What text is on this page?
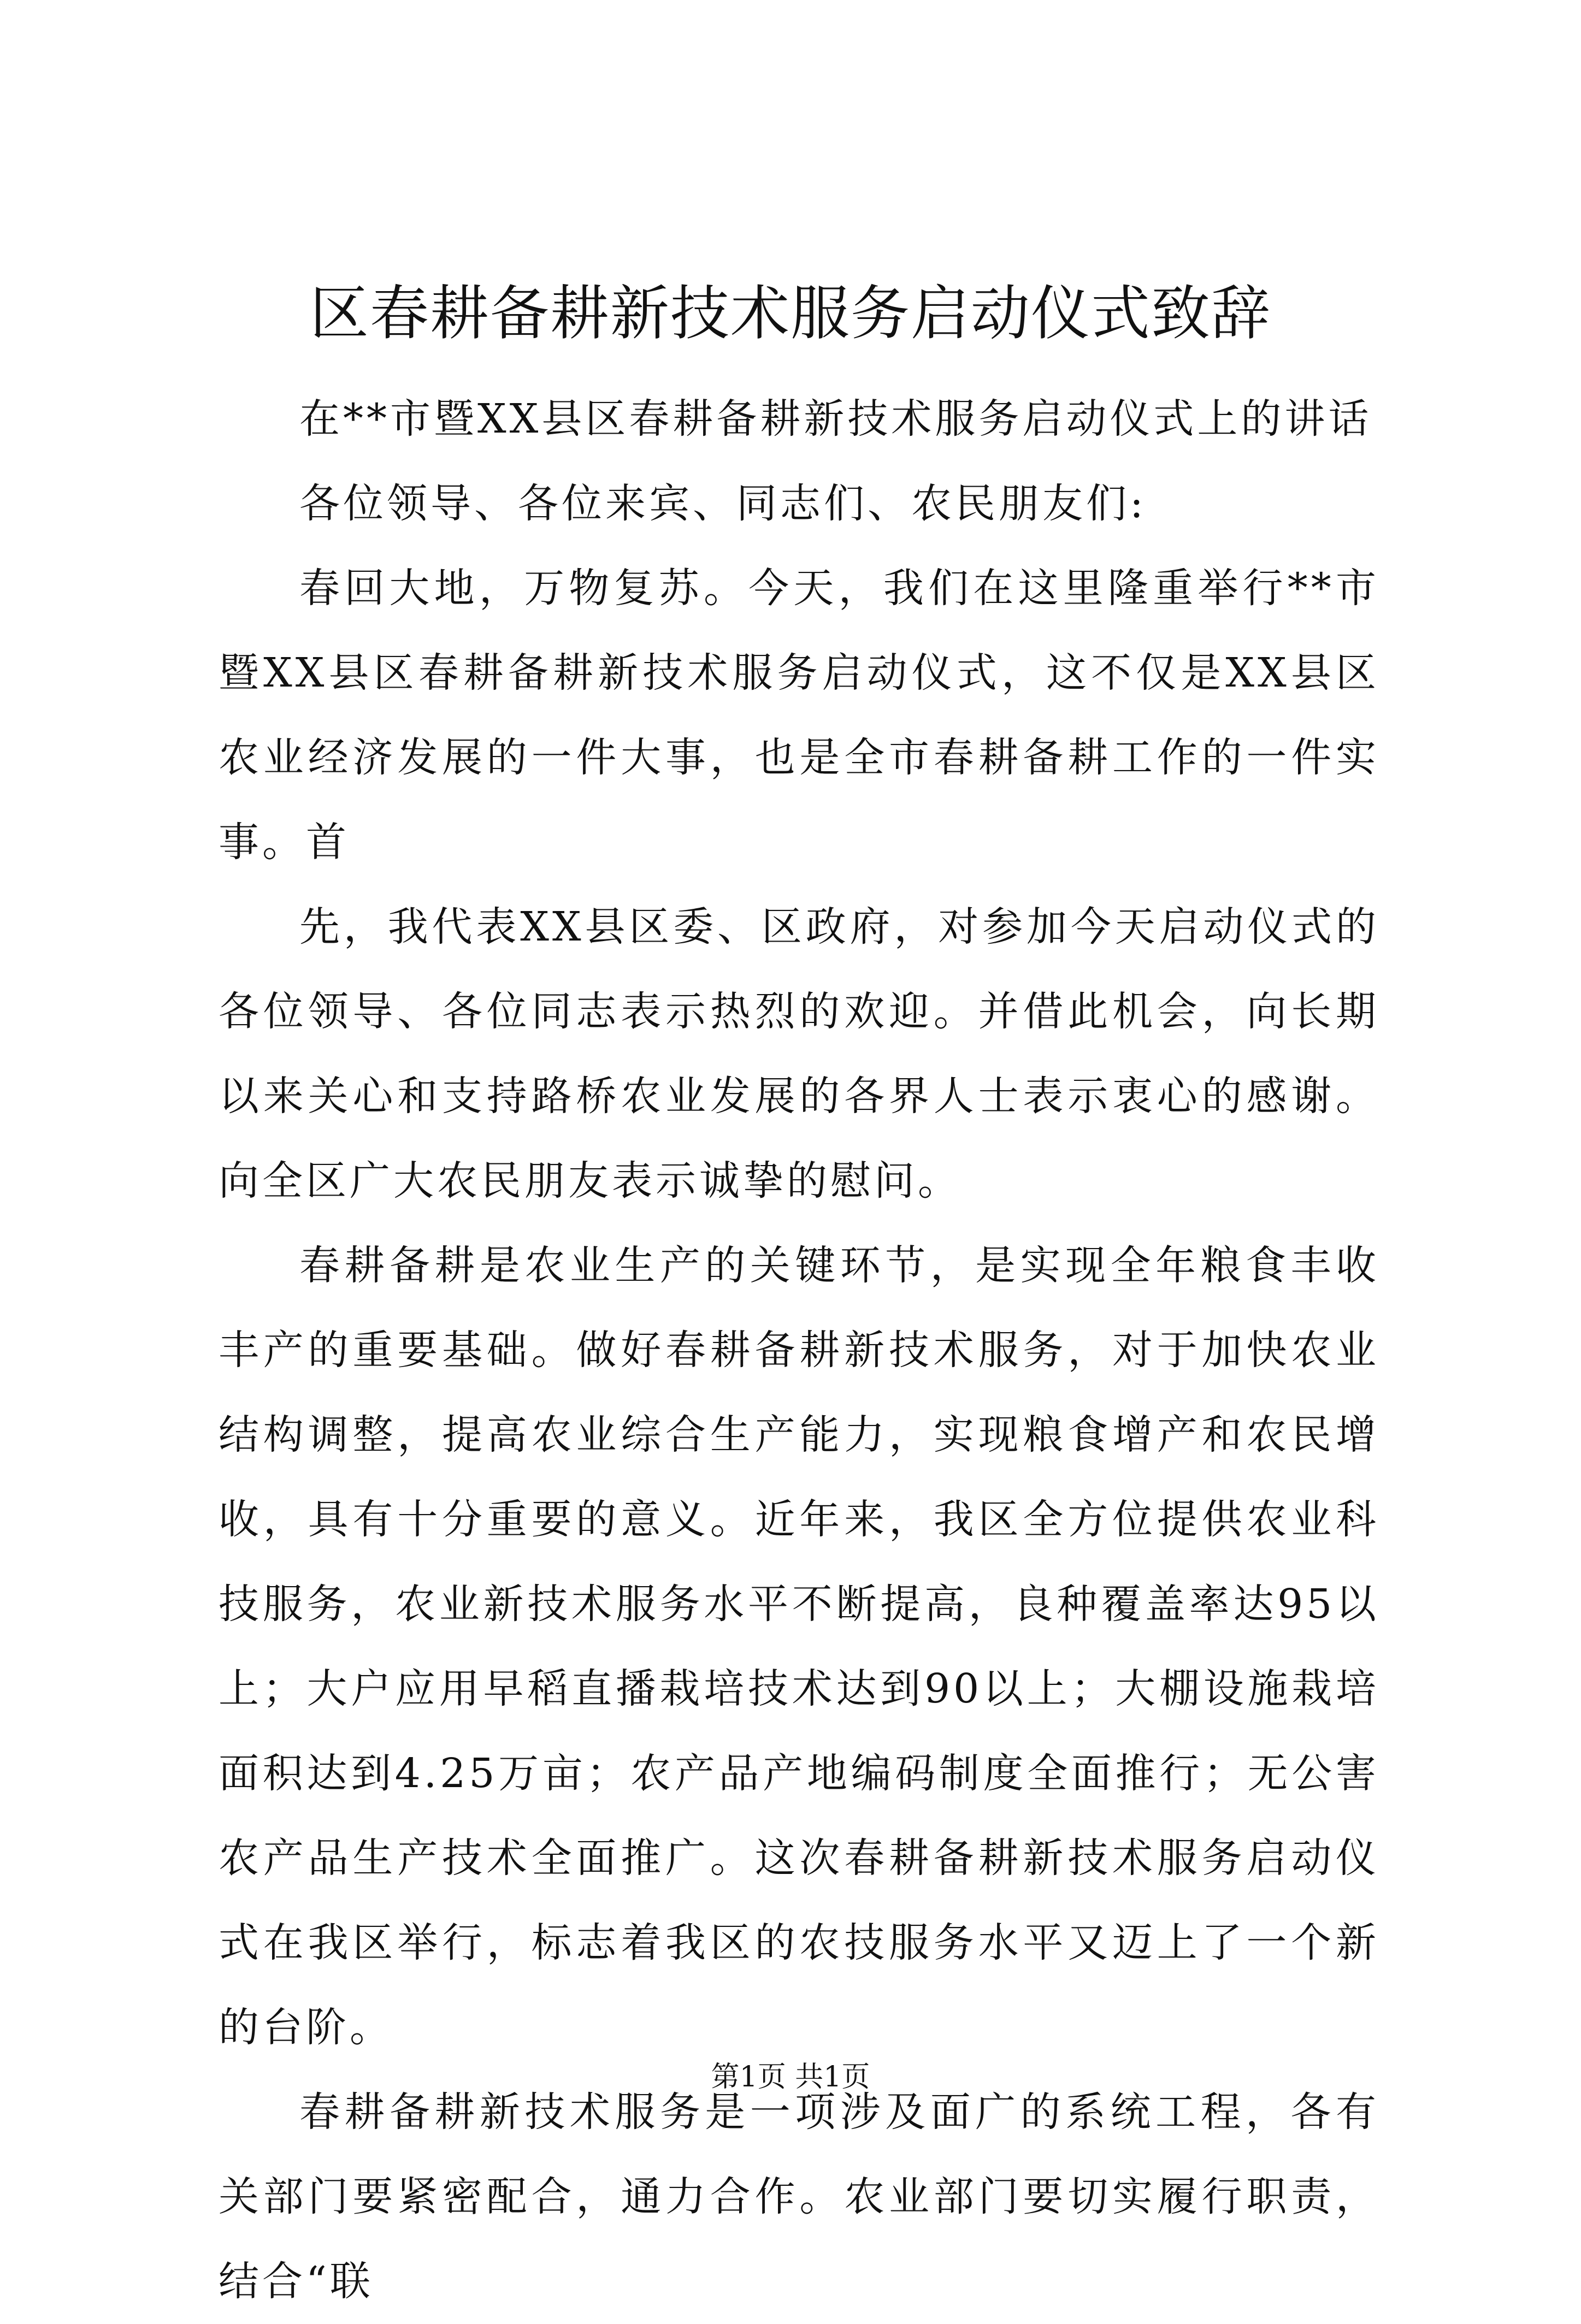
区春耕备耕新技术服务启动仪式致辞

在**市暨XX县区春耕备耕新技术服务启动仪式上的讲话

各位领导、各位来宾、同志们、农民朋友们:

春回大地，万物复苏。今天，我们在这里隆重举行**市暨XX县区春耕备耕新技术服务启动仪式，这不仅是XX县区农业经济发展的一件大事，也是全市春耕备耕工作的一件实事。首

先，我代表XX县区委、区政府，对参加今天启动仪式的各位领导、各位同志表示热烈的欢迎。并借此机会，向长期以来关心和支持路桥农业发展的各界人士表示衷心的感谢。向全区广大农民朋友表示诚挚的慰问。

春耕备耕是农业生产的关键环节，是实现全年粮食丰收丰产的重要基础。做好春耕备耕新技术服务，对于加快农业结构调整，提高农业综合生产能力，实现粮食增产和农民增收，具有十分重要的意义。近年来，我区全方位提供农业科技服务，农业新技术服务水平不断提高，良种覆盖率达95以上；大户应用早稻直播栽培技术达到90以上；大棚设施栽培面积达到4.25万亩；农产品产地编码制度全面推行；无公害农产品生产技术全面推广。这次春耕备耕新技术服务启动仪式在我区举行，标志着我区的农技服务水平又迈上了一个新的台阶。

春耕备耕新技术服务是一项涉及面广的系统工程，各有关部门要紧密配合，通力合作。农业部门要切实履行职责，结合“联

第1页 共1页
